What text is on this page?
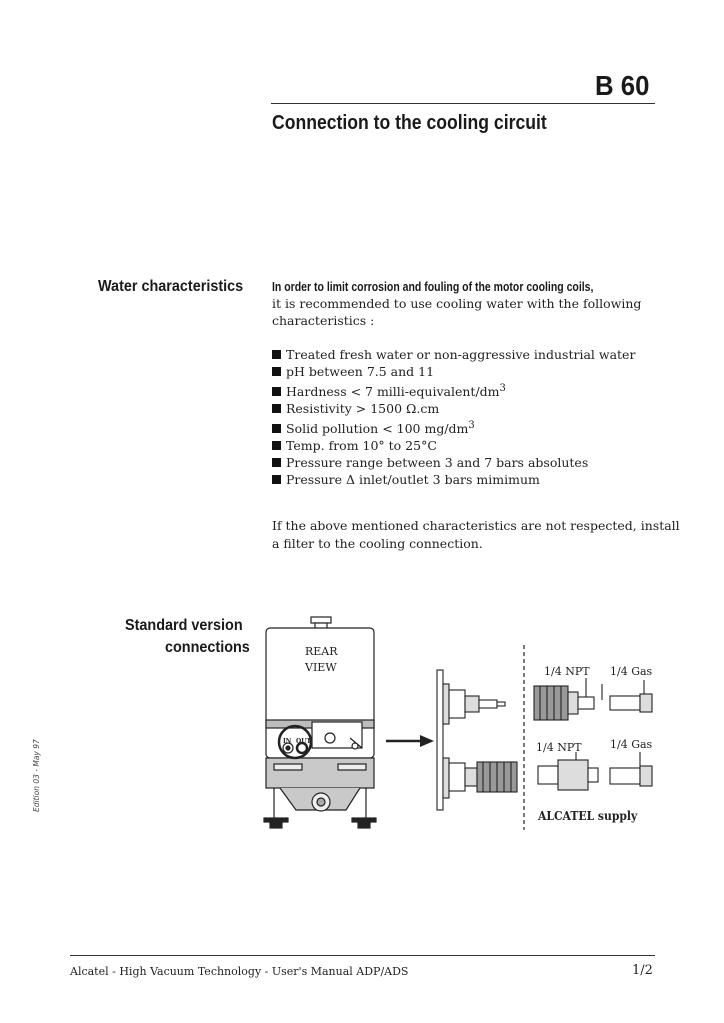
B 60
Connection to the cooling circuit
Water characteristics In order to limit corrosion and fouling of the motor cooling coils,
it is recommended to use cooling water with the following
characteristics :
Treated fresh water or non-aggressive industrial water
pH between 7.5 and 11
Hardness < 7 milli-$equivalent/dm^3$
Resistivity > 1500 Ω.cm
Solid pollution < 100 $mg/dm^3$
Temp. from 10° to 25°C
Pressure range between 3 and 7 bars absolutes
Pressure Δ inlet/outlet 3 bars mimimum
If the above mentioned characteristics are not respected, install
a filter to the cooling connection.
Standard version
connections
Edition 03 - May 97	IN OUT
REAR
VIEW	1/4 NPT 1/4 Gas
1/4 NPT	1/4 Gas
ALCATEL supply
Alcatel - High Vacuum Technology - User's Manual ADP/ADS	1/2
